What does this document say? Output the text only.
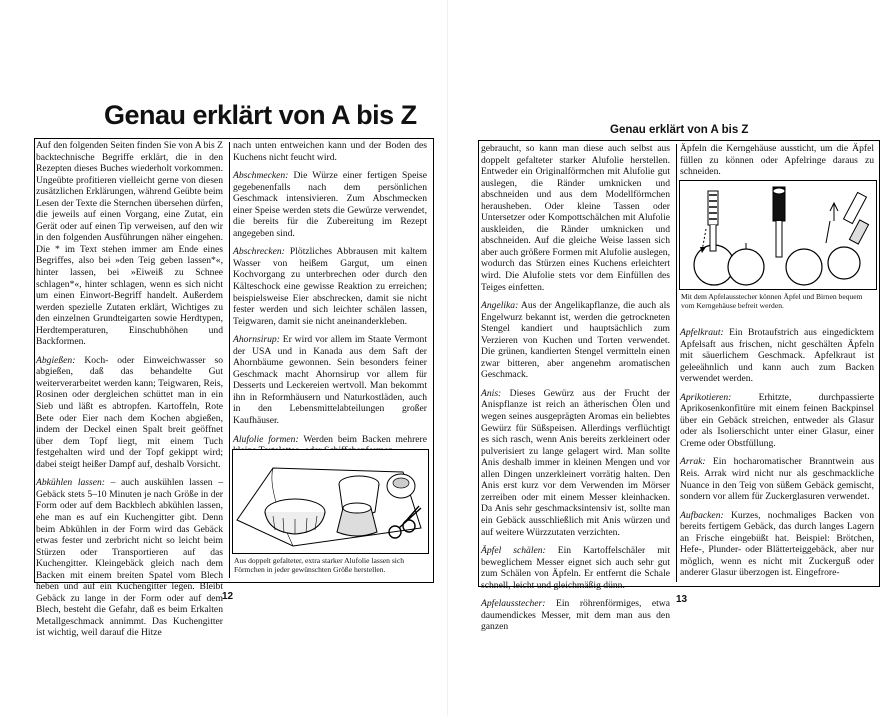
Genau erklärt von A bis Z

Auf den folgenden Seiten finden Sie von A bis Z backtechnische Begriffe erklärt, die in den Rezepten dieses Buches wiederholt vorkommen. Ungeübte profitieren vielleicht gerne von diesen zusätzlichen Erklärungen, während Geübte beim Lesen der Texte die Sternchen übersehen dürfen, die jeweils auf einen Vorgang, eine Zutat, ein Gerät oder auf einen Tip verweisen, auf den wir in den folgenden Ausführungen näher eingehen. Die * im Text stehen immer am Ende eines Begriffes, also bei »den Teig geben lassen*«, hinter lassen, bei »Eiweiß zu Schnee schlagen*«, hinter schlagen, wenn es sich nicht um einen Einwort-Begriff handelt. Außerdem werden spezielle Zutaten erklärt, Wichtiges zu den einzelnen Grundteigarten sowie Herdtypen, Herdtemperaturen, Einschubhöhen und Backformen.

Abgießen: Koch- oder Einweichwasser so abgießen, daß das behandelte Gut weiterverarbeitet werden kann; Teigwaren, Reis, Rosinen oder dergleichen schüttet man in ein Sieb und läßt es abtropfen. Kartoffeln, Rote Bete oder Eier nach dem Kochen abgießen, indem der Deckel einen Spalt breit geöffnet über dem Topf liegt, mit einem Tuch festgehalten wird und der Topf gekippt wird; dabei steigt heißer Dampf auf, deshalb Vorsicht.

Abkühlen lassen: – auch auskühlen lassen – Gebäck stets 5–10 Minuten je nach Größe in der Form oder auf dem Backblech abkühlen lassen, ehe man es auf ein Kuchengitter gibt. Denn beim Abkühlen in der Form wird das Gebäck etwas fester und zerbricht nicht so leicht beim Stürzen oder Transportieren auf das Kuchengitter. Kleingebäck gleich nach dem Backen mit einem breiten Spatel vom Blech heben und auf ein Kuchengitter legen. Bleibt Gebäck zu lange in der Form oder auf dem Blech, besteht die Gefahr, daß es beim Erkalten Metallgeschmack annimmt. Das Kuchengitter ist wichtig, weil darauf die Hitze

nach unten entweichen kann und der Boden des Kuchens nicht feucht wird.

Abschmecken: Die Würze einer fertigen Speise gegebenenfalls nach dem persönlichen Geschmack intensivieren. Zum Abschmecken einer Speise werden stets die Gewürze verwendet, die bereits für die Zubereitung im Rezept angegeben sind.

Abschrecken: Plötzliches Abbrausen mit kaltem Wasser von heißem Gargut, um einen Kochvorgang zu unterbrechen oder durch den Kälteschock eine gewisse Reaktion zu erreichen; beispielsweise Eier abschrecken, damit sie nicht fester werden und sich leichter schälen lassen, Teigwaren, damit sie nicht aneinanderkleben.

Ahornsirup: Er wird vor allem im Staate Vermont der USA und in Kanada aus dem Saft der Ahornbäume gewonnen. Sein besonders feiner Geschmack macht Ahornsirup vor allem für Desserts und Leckereien wertvoll. Man bekommt ihn in Reformhäusern und Naturkostläden, auch in den Lebensmittelabteilungen großer Kaufhäuser.

Alufolie formen: Werden beim Backen mehrere

Aus doppelt gefalteter, extra starker Alufolie lassen sich Förmchen in jeder gewünschten Größe herstellen.
12
Genau erklärt von A bis Z

gebraucht, so kann man diese auch selbst aus doppelt gefalteter starker Alufolie herstellen. Entweder ein Originalförmchen mit Alufolie gut auslegen, die Ränder umknicken und abschneiden und aus dem Modellförmchen herausheben. Oder kleine Tassen oder Untersetzer oder Kompottschälchen mit Alufolie auskleiden, die Ränder umknicken und abschneiden. Auf die gleiche Weise lassen sich aber auch größere Formen mit Alufolie auslegen, wodurch das Stürzen eines Kuchens erleichtert wird. Die Alufolie stets vor dem Einfüllen des Teiges einfetten.

Angelika: Aus der Angelikapflanze, die auch als Engelwurz bekannt ist, werden die getrockneten Stengel kandiert und hauptsächlich zum Verzieren von Kuchen und Torten verwendet. Die grünen, kandierten Stengel vermitteln einen zwar bitteren, aber angenehm aromatischen Geschmack.

Anis: Dieses Gewürz aus der Frucht der Anispflanze ist reich an ätherischen Ölen und wegen seines ausgeprägten Aromas ein beliebtes Gewürz für Süßspeisen. Allerdings verflüchtigt es sich rasch, wenn Anis bereits zerkleinert oder pulverisiert zu lange gelagert wird. Man sollte Anis deshalb immer in kleinen Mengen und vor allen Dingen unzerkleinert vorrätig halten. Den Anis erst kurz vor dem Verwenden im Mörser zerreiben oder mit einem Messer kleinhacken. Da Anis sehr geschmacksintensiv ist, sollte man ein Gebäck ausschließlich mit Anis würzen und auf weitere Würzzutaten verzichten.

Äpfel schälen: Ein Kartoffelschäler mit beweglichem Messer eignet sich auch sehr gut zum Schälen von Äpfeln. Er entfernt die Schale schnell, leicht und gleichmäßig dünn.

Apfelausstecher: Ein röhrenförmiges, etwa daumendickes Messer, mit dem man aus den ganzen

Äpfeln die Kerngehäuse aussticht, um die Äpfel füllen zu können oder Apfelringe daraus zu schneiden.

Mit dem Apfelausstecher können Äpfel und Birnen bequem vom Kerngehäuse befreit werden.

Apfelkraut: Ein Brotaufstrich aus eingedicktem Apfelsaft aus frischen, nicht geschälten Äpfeln mit säuerlichem Geschmack. Apfelkraut ist geleeähnlich und kann auch zum Backen verwendet werden.

Aprikotieren:	Erhitzte, durchpassierte Aprikosenkonfitüre mit einem feinen Backpinsel über ein Gebäck streichen, entweder als Glasur oder als Isolierschicht unter einer Glasur, einer Creme oder Obstfüllung.

Arrak: Ein hocharomatischer Branntwein aus Reis. Arrak wird nicht nur als geschmackliche Nuance in den Teig von süßem Gebäck gemischt, sondern vor allem für Zuckerglasuren verwendet.

Aufbacken: Kurzes, nochmaliges Backen von bereits fertigem Gebäck, das durch langes Lagern an Frische eingebüßt hat. Beispiel: Brötchen, Hefe-, Plunder- oder Blätterteiggebäck, aber nur möglich, wenn es nicht mit Zuckerguß oder anderer Glasur überzogen ist. Eingefrore-

13
